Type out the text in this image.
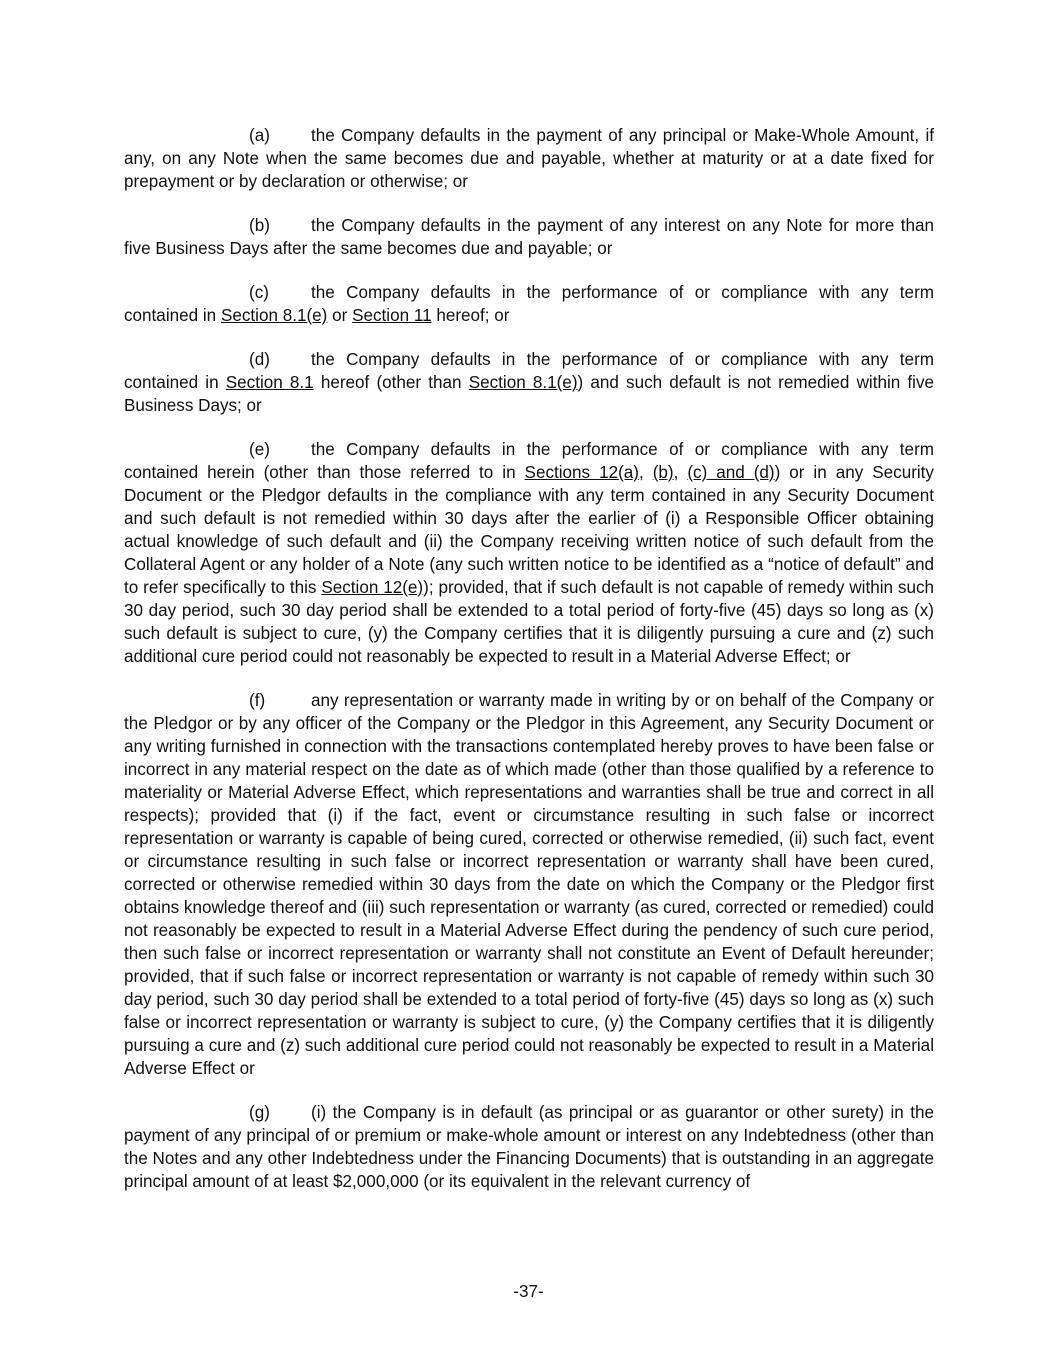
(a) the Company defaults in the payment of any principal or Make-Whole Amount, if any, on any Note when the same becomes due and payable, whether at maturity or at a date fixed for prepayment or by declaration or otherwise; or

(b) the Company defaults in the payment of any interest on any Note for more than five Business Days after the same becomes due and payable; or

(c) the Company defaults in the performance of or compliance with any term contained in Section 8.1(e) or Section 11 hereof; or

(d) the Company defaults in the performance of or compliance with any term contained in Section 8.1 hereof (other than Section 8.1(e)) and such default is not remedied within five Business Days; or

(e) the Company defaults in the performance of or compliance with any term contained herein (other than those referred to in Sections 12(a), (b), (c) and (d)) or in any Security Document or the Pledgor defaults in the compliance with any term contained in any Security Document and such default is not remedied within 30 days after the earlier of (i) a Responsible Officer obtaining actual knowledge of such default and (ii) the Company receiving written notice of such default from the Collateral Agent or any holder of a Note (any such written notice to be identified as a “notice of default” and to refer specifically to this Section 12(e)); provided, that if such default is not capable of remedy within such 30 day period, such 30 day period shall be extended to a total period of forty-five (45) days so long as (x) such default is subject to cure, (y) the Company certifies that it is diligently pursuing a cure and (z) such additional cure period could not reasonably be expected to result in a Material Adverse Effect; or

(f)	any representation or warranty made in writing by or on behalf of the Company or the Pledgor or by any officer of the Company or the Pledgor in this Agreement, any Security Document or any writing furnished in connection with the transactions contemplated hereby proves to have been false or incorrect in any material respect on the date as of which made (other than those qualified by a reference to materiality or Material Adverse Effect, which representations and warranties shall be true and correct in all respects); provided that (i) if the fact, event or circumstance resulting in such false or incorrect representation or warranty is capable of being cured, corrected or otherwise remedied, (ii) such fact, event or circumstance resulting in such false or incorrect representation or warranty shall have been cured, corrected or otherwise remedied within 30 days from the date on which the Company or the Pledgor first obtains knowledge thereof and (iii) such representation or warranty (as cured, corrected or remedied) could not reasonably be expected to result in a Material Adverse Effect during the pendency of such cure period, then such false or incorrect representation or warranty shall not constitute an Event of Default hereunder; provided, that if such false or incorrect representation or warranty is not capable of remedy within such 30 day period, such 30 day period shall be extended to a total period of forty-five (45) days so long as (x) such false or incorrect representation or warranty is subject to cure, (y) the Company certifies that it is diligently pursuing a cure and (z) such additional cure period could not reasonably be expected to result in a Material Adverse Effect or

(g) (i) the Company is in default (as principal or as guarantor or other surety) in the payment of any principal of or premium or make-whole amount or interest on any Indebtedness (other than the Notes and any other Indebtedness under the Financing Documents) that is outstanding in an aggregate principal amount of at least $2,000,000 (or its equivalent in the relevant currency of

-37-
